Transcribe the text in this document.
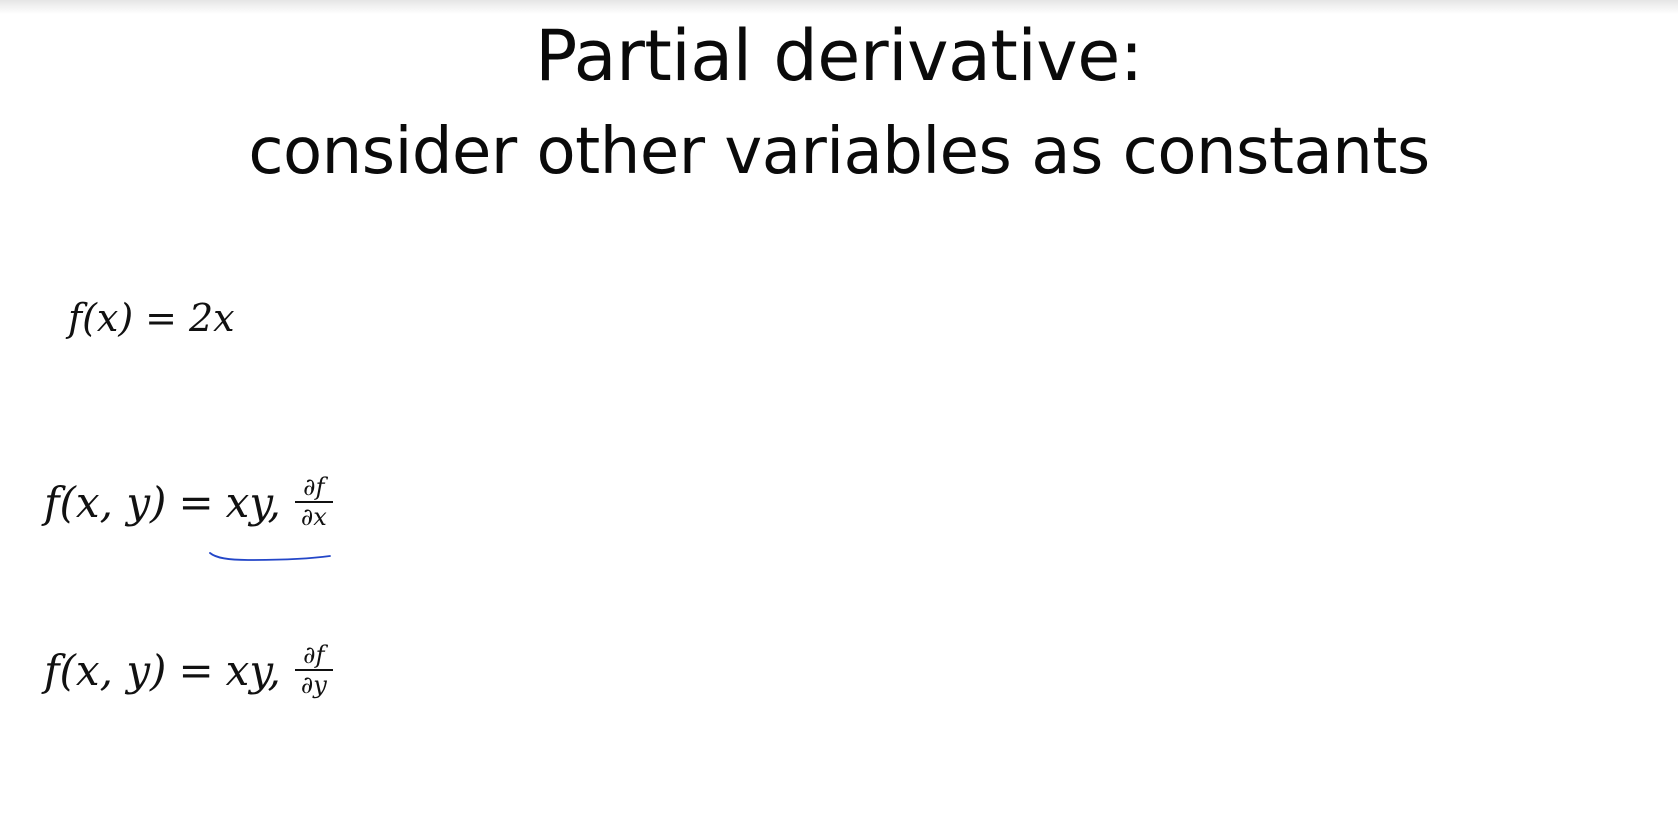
Partial derivative:
consider other variables as constants
f(x) = 2x
f(x, y) = xy, $\frac{\partial f}{\partial x}$
f(x, y) = xy, $\frac{\partial f}{\partial y}$
